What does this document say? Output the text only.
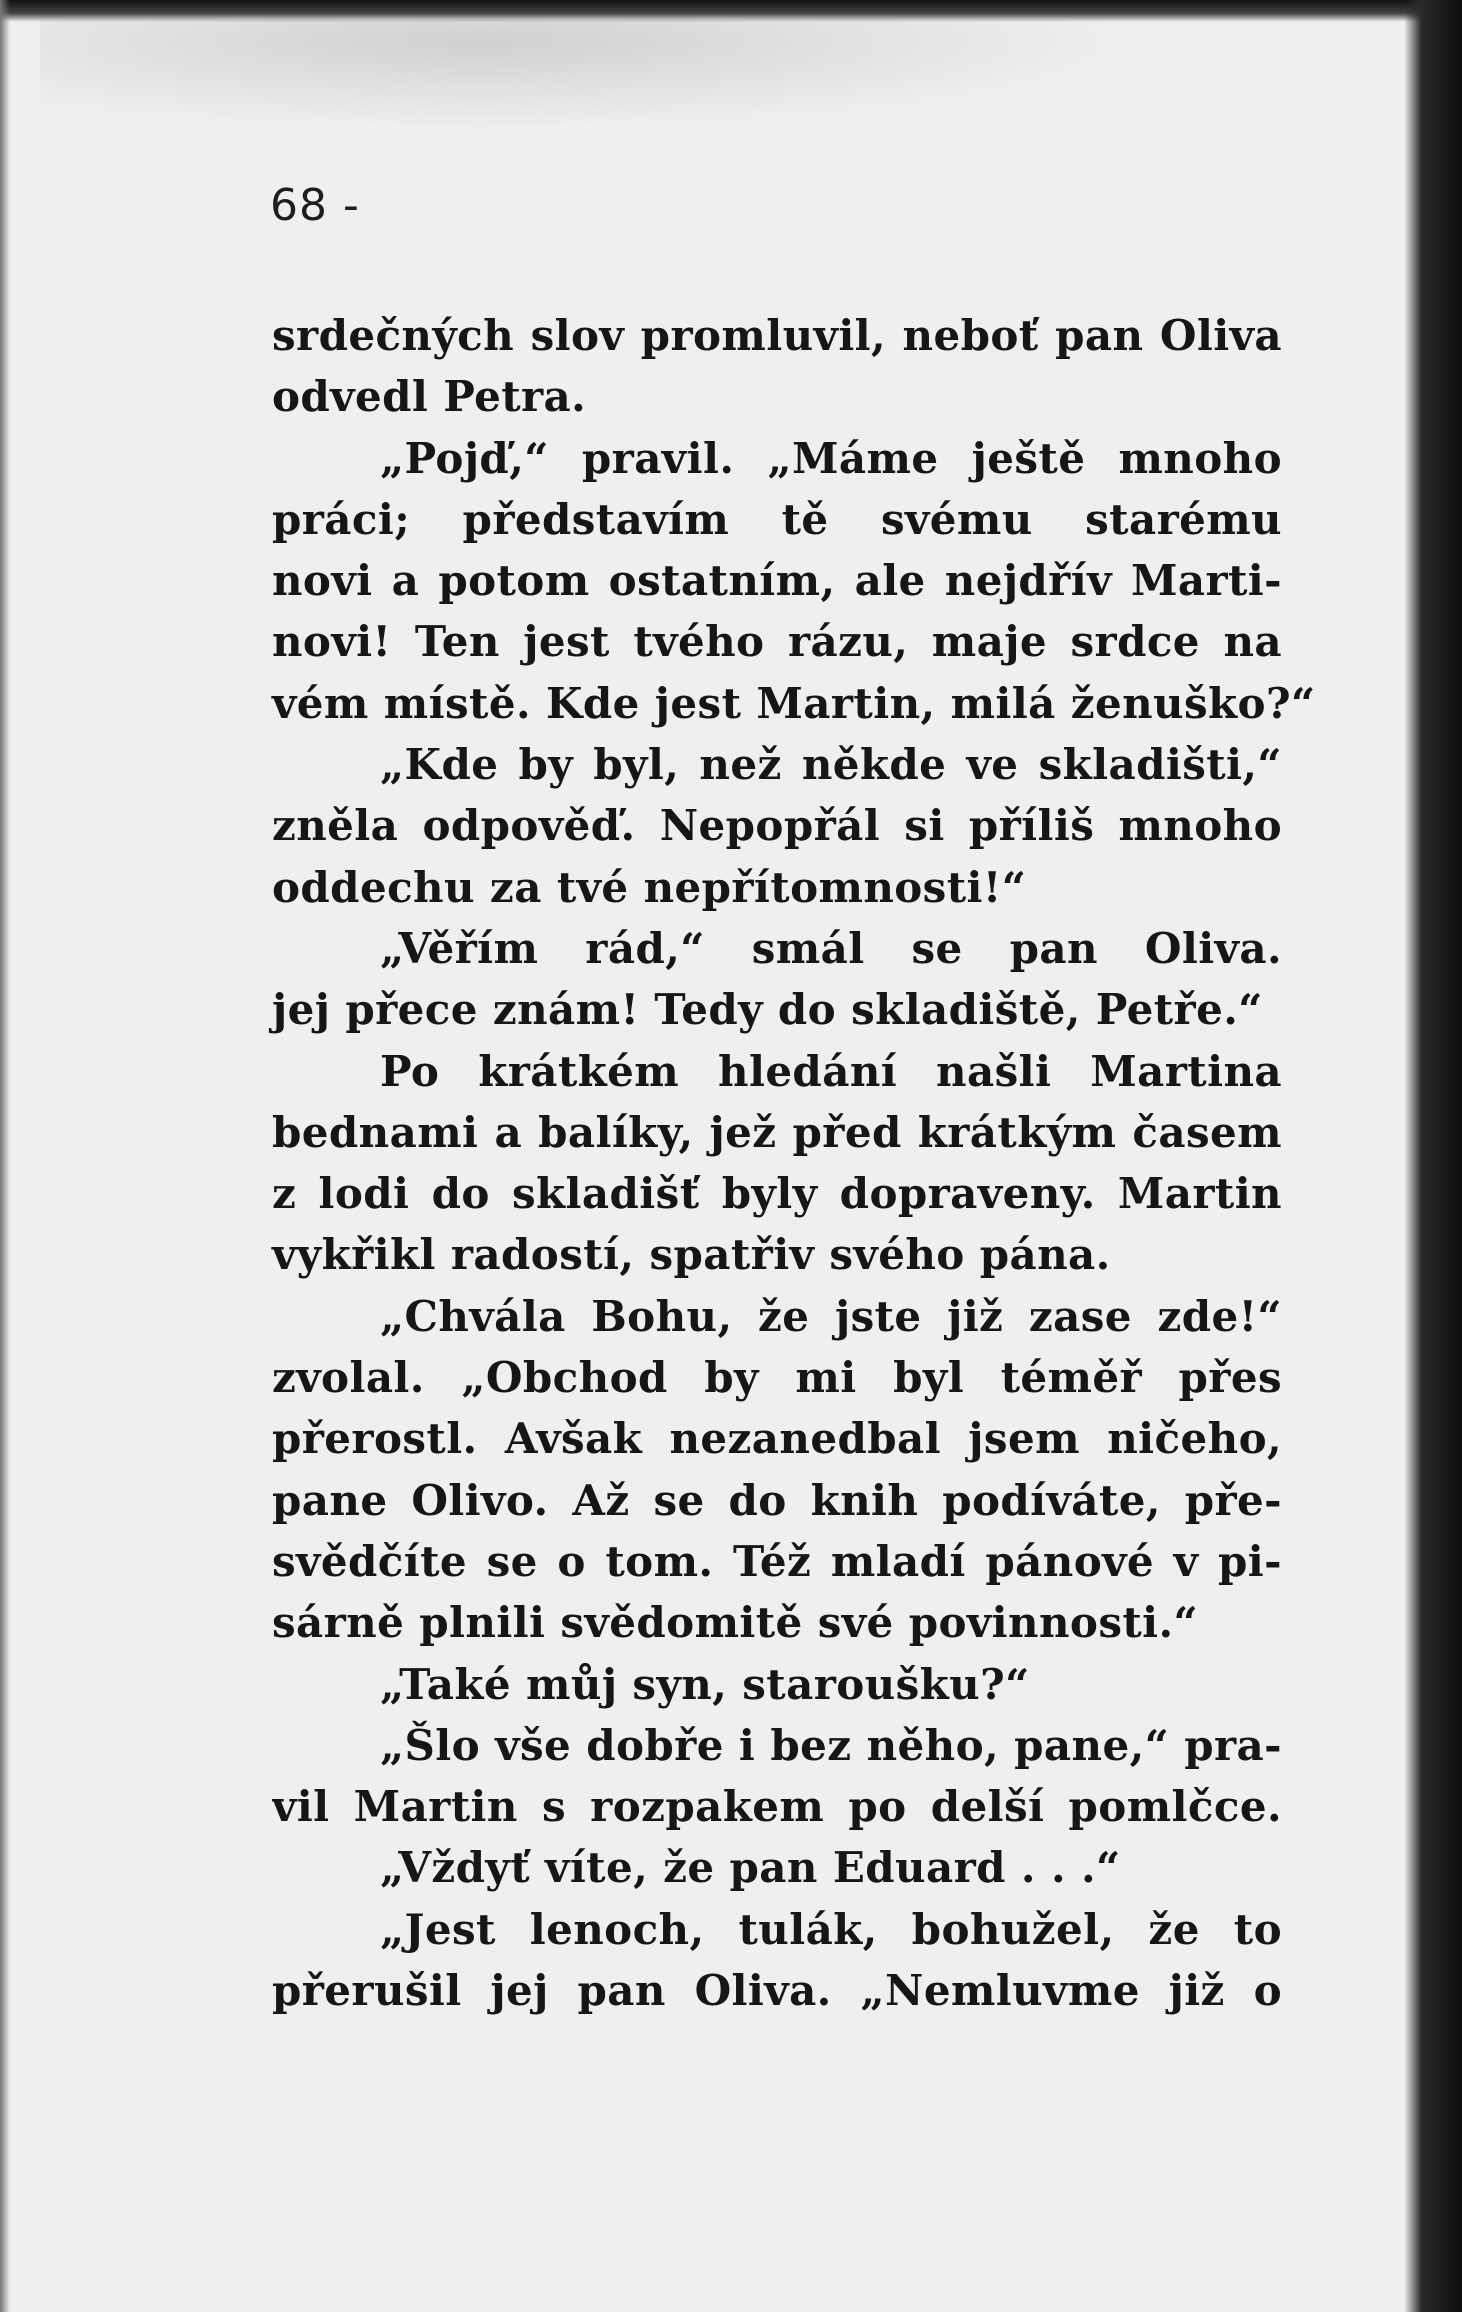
68 -
srdečných slov promluvil, neboť pan Oliva
odvedl Petra.
„Pojď,“ pravil. „Máme ještě mnoho
práci; představím tě svému starému
novi a potom ostatním, ale nejdřív Marti-
novi! Ten jest tvého rázu, maje srdce na
vém místě. Kde jest Martin, milá ženuško?“
„Kde by byl, než někde ve skladišti,“
zněla odpověď. Nepopřál si příliš mnoho
oddechu za tvé nepřítomnosti!“
„Věřím rád,“ smál se pan Oliva.
jej přece znám! Tedy do skladiště, Petře.“
Po krátkém hledání našli Martina
bednami a balíky, jež před krátkým časem
z lodi do skladišť byly dopraveny. Martin
vykřikl radostí, spatřiv svého pána.
„Chvála Bohu, že jste již zase zde!“
zvolal. „Obchod by mi byl téměř přes
přerostl. Avšak nezanedbal jsem ničeho,
pane Olivo. Až se do knih podíváte, pře-
svědčíte se o tom. Též mladí pánové v pi-
sárně plnili svědomitě své povinnosti.“
„Také můj syn, staroušku?“
„Šlo vše dobře i bez něho, pane,“ pra-
vil Martin s rozpakem po delší pomlčce.
„Vždyť víte, že pan Eduard . . .“
„Jest lenoch, tulák, bohužel, že to
přerušil jej pan Oliva. „Nemluvme již o
